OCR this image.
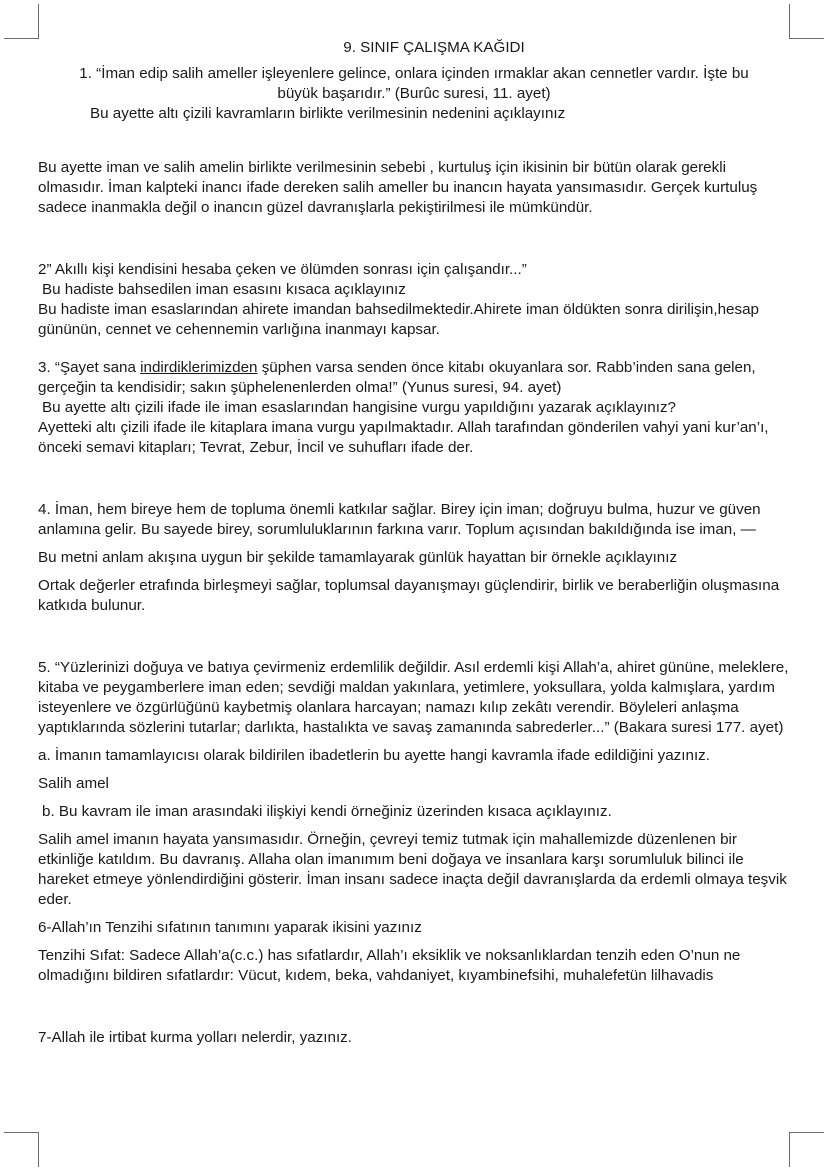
9. SINIF ÇALIŞMA KAĞIDI

1. “İman edip salih ameller işleyenlere gelince, onlara içinden ırmaklar akan cennetler vardır. İşte bu

büyük başarıdır.” (Burûc suresi, 11. ayet)

Bu ayette altı çizili kavramların birlikte verilmesinin nedenini açıklayınız

Bu ayette iman ve salih amelin birlikte verilmesinin sebebi , kurtuluş için ikisinin bir bütün olarak gerekli olmasıdır. İman kalpteki inancı ifade dereken salih ameller bu inancın hayata yansımasıdır. Gerçek kurtuluş sadece inanmakla değil o inancın güzel davranışlarla pekiştirilmesi ile mümkündür.

2” Akıllı kişi kendisini hesaba çeken ve ölümden sonrası için çalışandır...”

Bu hadiste bahsedilen iman esasını kısaca açıklayınız

Bu hadiste iman esaslarından ahirete imandan bahsedilmektedir.Ahirete iman öldükten sonra dirilişin,hesap gününün, cennet ve cehennemin varlığına inanmayı kapsar.

3. “Şayet sana indirdiklerimizden şüphen varsa senden önce kitabı okuyanlara sor. Rabb’inden sana gelen, gerçeğin ta kendisidir; sakın şüphelenenlerden olma!” (Yunus suresi, 94. ayet)

Bu ayette altı çizili ifade ile iman esaslarından hangisine vurgu yapıldığını yazarak açıklayınız?

Ayetteki altı çizili ifade ile kitaplara imana vurgu yapılmaktadır. Allah tarafından gönderilen vahyi yani kur’an’ı, önceki semavi kitapları; Tevrat, Zebur, İncil ve suhufları ifade der.

4. İman, hem bireye hem de topluma önemli katkılar sağlar. Birey için iman; doğruyu bulma, huzur ve güven anlamına gelir. Bu sayede birey, sorumluluklarının farkına varır. Toplum açısından bakıldığında ise iman, —

Bu metni anlam akışına uygun bir şekilde tamamlayarak günlük hayattan bir örnekle açıklayınız

Ortak değerler etrafında birleşmeyi sağlar, toplumsal dayanışmayı güçlendirir, birlik ve beraberliğin oluşmasına katkıda bulunur.

5. “Yüzlerinizi doğuya ve batıya çevirmeniz erdemlilik değildir. Asıl erdemli kişi Allah’a, ahiret gününe, meleklere, kitaba ve peygamberlere iman eden; sevdiği maldan yakınlara, yetimlere, yoksullara, yolda kalmışlara, yardım isteyenlere ve özgürlüğünü kaybetmiş olanlara harcayan; namazı kılıp zekâtı verendir. Böyleleri anlaşma yaptıklarında sözlerini tutarlar; darlıkta, hastalıkta ve savaş zamanında sabrederler...” (Bakara suresi 177. ayet)

a. İmanın tamamlayıcısı olarak bildirilen ibadetlerin bu ayette hangi kavramla ifade edildiğini yazınız.

Salih amel

b. Bu kavram ile iman arasındaki ilişkiyi kendi örneğiniz üzerinden kısaca açıklayınız.

Salih amel imanın hayata yansımasıdır. Örneğin, çevreyi temiz tutmak için mahallemizde düzenlenen bir etkinliğe katıldım. Bu davranış. Allaha olan imanımım beni doğaya ve insanlara karşı sorumluluk bilinci ile hareket etmeye yönlendirdiğini gösterir. İman insanı sadece inaçta değil davranışlarda da erdemli olmaya teşvik eder.

6-Allah’ın Tenzihi sıfatının tanımını yaparak ikisini yazınız

Tenzihi Sıfat: Sadece Allah’a(c.c.) has sıfatlardır, Allah’ı eksiklik ve noksanlıklardan tenzih eden O’nun ne olmadığını bildiren sıfatlardır: Vücut, kıdem, beka, vahdaniyet, kıyambinefsihi, muhalefetün lilhavadis

7-Allah ile irtibat kurma yolları nelerdir, yazınız.
